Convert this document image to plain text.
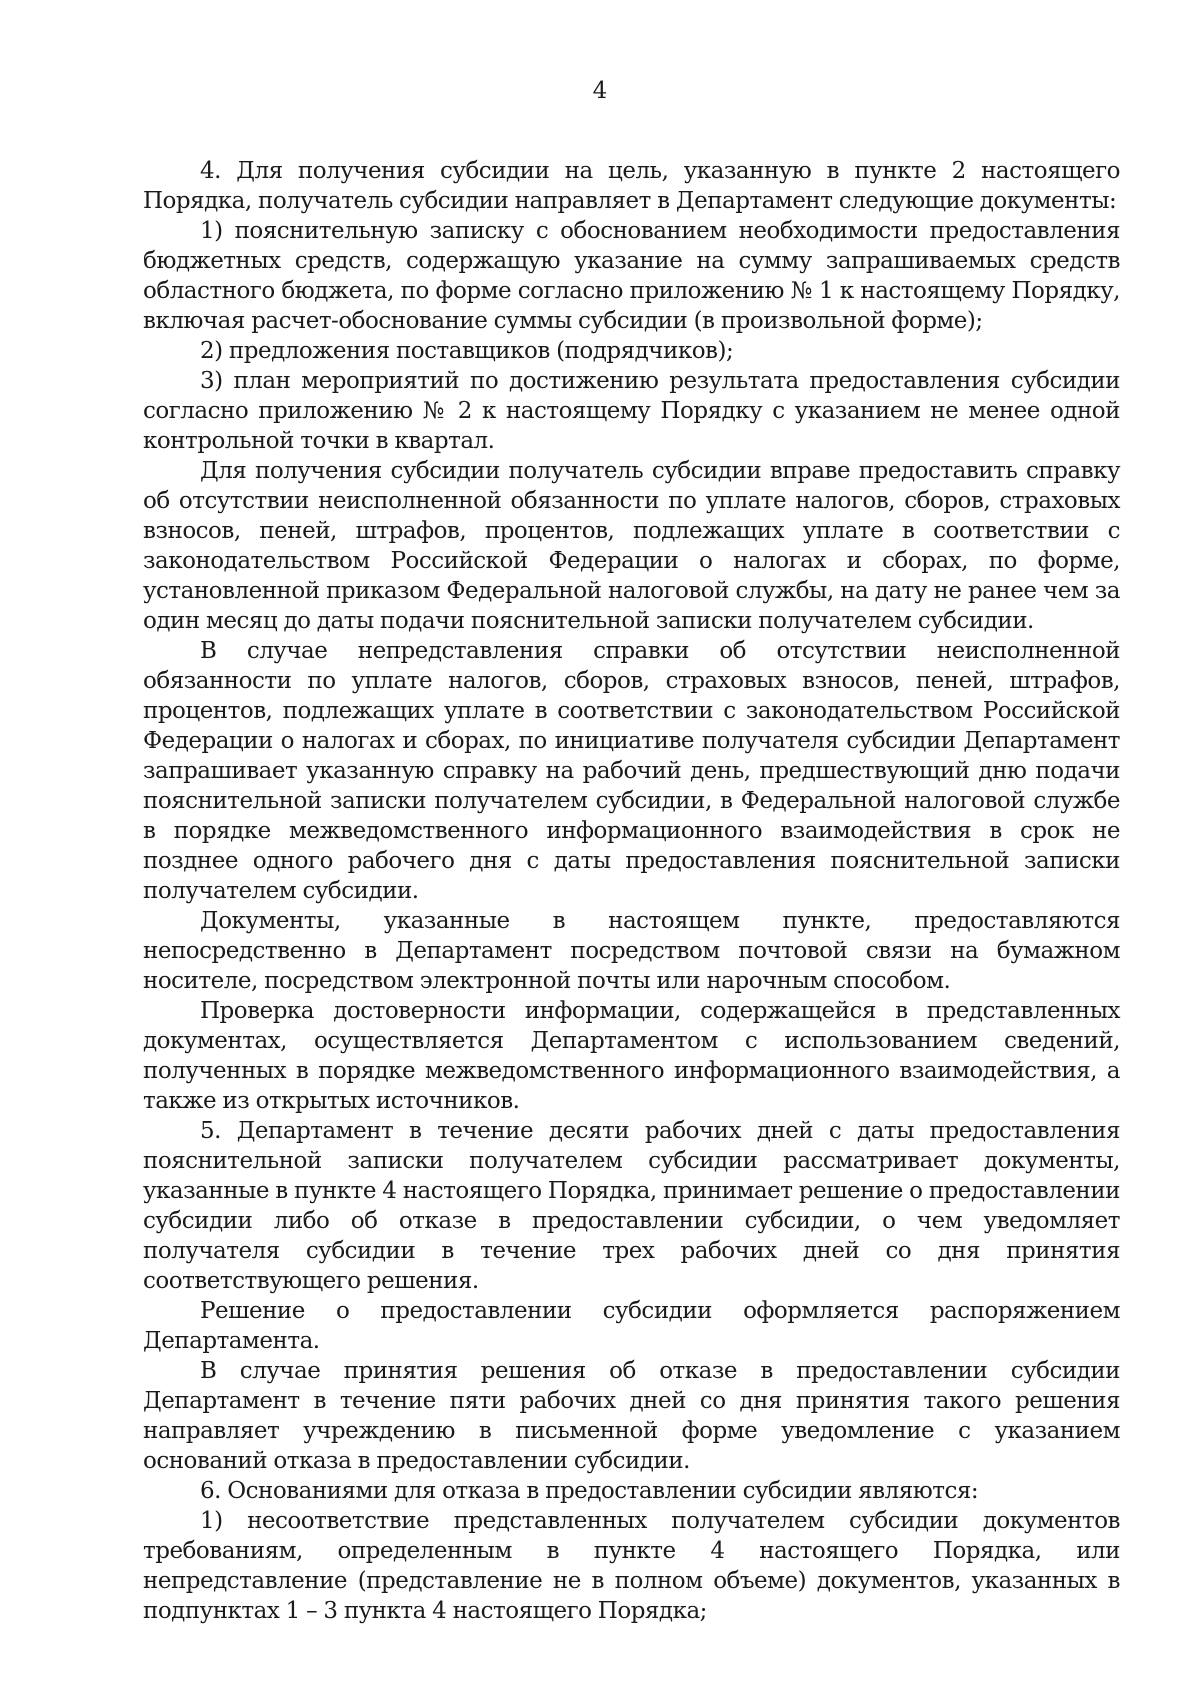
4

4. Для получения субсидии на цель, указанную в пункте 2 настоящего Порядка, получатель субсидии направляет в Департамент следующие документы:

1) пояснительную записку с обоснованием необходимости предоставления бюджетных средств, содержащую указание на сумму запрашиваемых средств областного бюджета, по форме согласно приложению № 1 к настоящему Порядку, включая расчет-обоснование суммы субсидии (в произвольной форме);

2) предложения поставщиков (подрядчиков);

3) план мероприятий по достижению результата предоставления субсидии согласно приложению № 2 к настоящему Порядку с указанием не менее одной контрольной точки в квартал.

Для получения субсидии получатель субсидии вправе предоставить справку об отсутствии неисполненной обязанности по уплате налогов, сборов, страховых взносов, пеней, штрафов, процентов, подлежащих уплате в соответствии с законодательством Российской Федерации о налогах и сборах, по форме, установленной приказом Федеральной налоговой службы, на дату не ранее чем за один месяц до даты подачи пояснительной записки получателем субсидии.

В случае непредставления справки об отсутствии неисполненной обязанности по уплате налогов, сборов, страховых взносов, пеней, штрафов, процентов, подлежащих уплате в соответствии с законодательством Российской Федерации о налогах и сборах, по инициативе получателя субсидии Департамент запрашивает указанную справку на рабочий день, предшествующий дню подачи пояснительной записки получателем субсидии, в Федеральной налоговой службе в порядке межведомственного информационного взаимодействия в срок не позднее одного рабочего дня с даты предоставления пояснительной записки получателем субсидии.

Документы, указанные в настоящем пункте, предоставляются непосредственно в Департамент посредством почтовой связи на бумажном носителе, посредством электронной почты или нарочным способом.

Проверка достоверности информации, содержащейся в представленных документах, осуществляется Департаментом с использованием сведений, полученных в порядке межведомственного информационного взаимодействия, а также из открытых источников.

5. Департамент в течение десяти рабочих дней с даты предоставления пояснительной записки получателем субсидии рассматривает документы, указанные в пункте 4 настоящего Порядка, принимает решение о предоставлении субсидии либо об отказе в предоставлении субсидии, о чем уведомляет получателя субсидии в течение трех рабочих дней со дня принятия соответствующего решения.

Решение о предоставлении субсидии оформляется распоряжением Департамента.

В случае принятия решения об отказе в предоставлении субсидии Департамент в течение пяти рабочих дней со дня принятия такого решения направляет учреждению в письменной форме уведомление с указанием оснований отказа в предоставлении субсидии.

6. Основаниями для отказа в предоставлении субсидии являются:

1) несоответствие представленных получателем субсидии документов требованиям, определенным в пункте 4 настоящего Порядка, или непредставление (представление не в полном объеме) документов, указанных в подпунктах 1 – 3 пункта 4 настоящего Порядка;
